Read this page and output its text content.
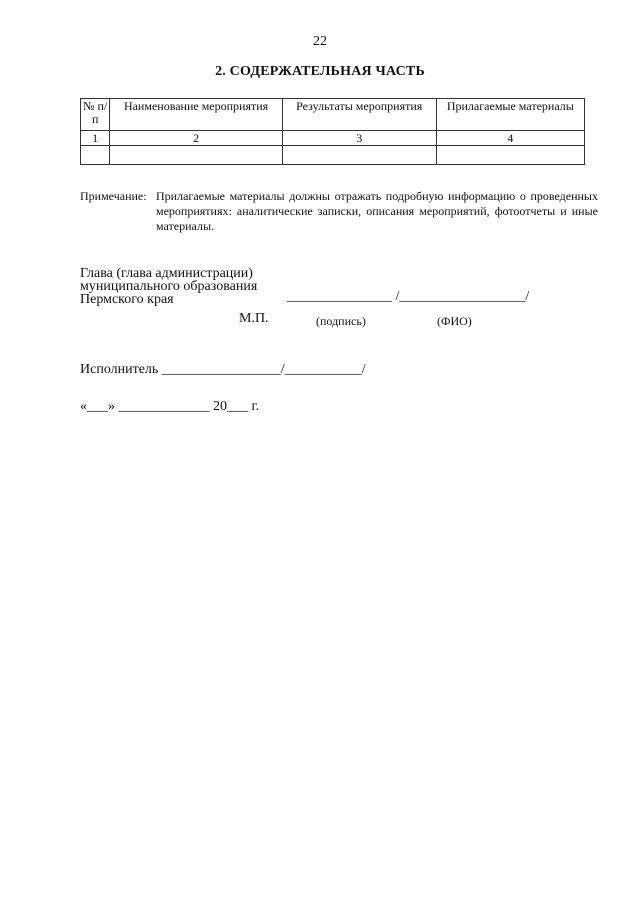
22
2. СОДЕРЖАТЕЛЬНАЯ ЧАСТЬ
№ п/п	Наименование мероприятия	Результаты мероприятия	Прилагаемые материалы
1	2	3	4

Примечание: Прилагаемые материалы должны отражать подробную информацию о проведенных мероприятиях: аналитические записки, описания мероприятий, фотоотчеты и иные материалы.
Глава (глава администрации)
муниципального образования
Пермского края	_______________ /__________________/
М.П.	(подпись)	(ФИО)
Исполнитель _________________/___________/
«___» _____________ 20___ г.
